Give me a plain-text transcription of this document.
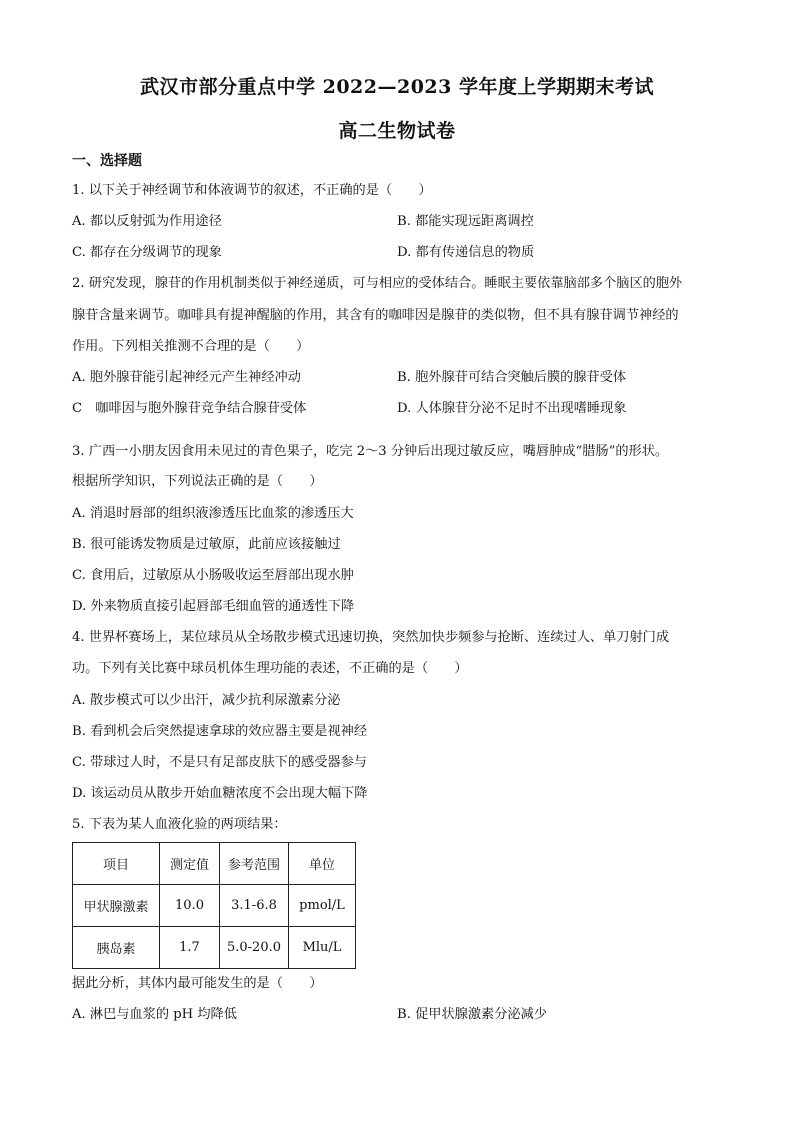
武汉市部分重点中学 2022—2023 学年度上学期期末考试
高二生物试卷
一、选择题
1. 以下关于神经调节和体液调节的叙述，不正确的是（　　）
A. 都以反射弧为作用途径	B. 都能实现远距离调控
C. 都存在分级调节的现象	D. 都有传递信息的物质
2. 研究发现，腺苷的作用机制类似于神经递质，可与相应的受体结合。睡眠主要依靠脑部多个脑区的胞外
腺苷含量来调节。咖啡具有提神醒脑的作用，其含有的咖啡因是腺苷的类似物，但不具有腺苷调节神经的
作用。下列相关推测不合理的是（　　）
A. 胞外腺苷能引起神经元产生神经冲动	B. 胞外腺苷可结合突触后膜的腺苷受体
C　咖啡因与胞外腺苷竞争结合腺苷受体	D. 人体腺苷分泌不足时不出现嗜睡现象
3. 广西一小朋友因食用未见过的青色果子，吃完 2～3 分钟后出现过敏反应，嘴唇肿成“腊肠”的形状。
根据所学知识，下列说法正确的是（　　）
A. 消退时唇部的组织液渗透压比血浆的渗透压大
B. 很可能诱发物质是过敏原，此前应该接触过
C. 食用后，过敏原从小肠吸收运至唇部出现水肿
D. 外来物质直接引起唇部毛细血管的通透性下降
4. 世界杯赛场上，某位球员从全场散步模式迅速切换，突然加快步频参与抢断、连续过人、单刀射门成
功。下列有关比赛中球员机体生理功能的表述，不正确的是（　　）
A. 散步模式可以少出汗，减少抗利尿激素分泌
B. 看到机会后突然提速拿球的效应器主要是视神经
C. 带球过人时，不是只有足部皮肤下的感受器参与
D. 该运动员从散步开始血糖浓度不会出现大幅下降
5. 下表为某人血液化验的两项结果：
项目	测定值	参考范围	单位
甲状腺激素	10.0	3.1-6.8	pmol/L
胰岛素	1.7	5.0-20.0	Mlu/L
据此分析，其体内最可能发生的是（　　）
A. 淋巴与血浆的 pH 均降低	B. 促甲状腺激素分泌减少
